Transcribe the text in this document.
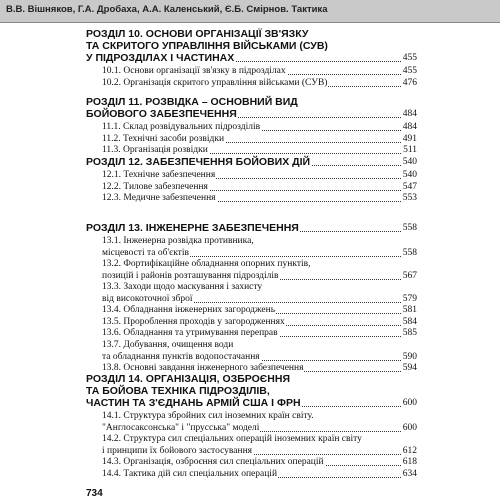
В.В. Вішняков, Г.А. Дробаха, А.А. Каленський, Є.Б. Смірнов. Тактика
РОЗДІЛ 10. ОСНОВИ ОРГАНІЗАЦІЇ ЗВ'ЯЗКУ
ТА СКРИТОГО УПРАВЛІННЯ ВІЙСЬКАМИ (СУВ)
У ПІДРОЗДІЛАХ І ЧАСТИНАХ	455
10.1. Основи організації зв'язку в підрозділах	455
10.2. Організація скритого управління військами (СУВ)	476
РОЗДІЛ 11. РОЗВІДКА – ОСНОВНИЙ ВИД
БОЙОВОГО ЗАБЕЗПЕЧЕННЯ	484
11.1. Склад розвідувальних підрозділів	484
11.2. Технічні засоби розвідки	491
11.3. Організація розвідки	511
РОЗДІЛ 12. ЗАБЕЗПЕЧЕННЯ БОЙОВИХ ДІЙ	540
12.1. Технічне забезпечення	540
12.2. Тилове забезпечення	547
12.3. Медичне забезпечення	553
РОЗДІЛ 13. ІНЖЕНЕРНЕ ЗАБЕЗПЕЧЕННЯ	558
13.1. Інженерна розвідка противника,
місцевості та об'єктів	558
13.2. Фортифікаційне обладнання опорних пунктів,
позицій і районів розташування підрозділів	567
13.3. Заходи щодо маскування і захисту
від високоточної зброї	579
13.4. Обладнання інженерних загороджень	581
13.5. Пророблення проходів у загородженнях	584
13.6. Обладнання та утримування переправ	585
13.7. Добування, очищення води
та обладнання пунктів водопостачання	590
13.8. Основні завдання інженерного забезпечення	594
РОЗДІЛ 14. ОРГАНІЗАЦІЯ, ОЗБРОЄННЯ
ТА БОЙОВА ТЕХНІКА ПІДРОЗДІЛІВ,
ЧАСТИН ТА З'ЄДНАНЬ АРМІЙ США І ФРН	600
14.1. Структура збройних сил іноземних країн світу.
"Англосаксонська" і "прусська" моделі	600
14.2. Структура сил спеціальних операцій іноземних країн світу
і принципи їх бойового застосування	612
14.3. Організація, озброєння сил спеціальних операцій	618
14.4. Тактика дій сил спеціальних операцій	634
734
